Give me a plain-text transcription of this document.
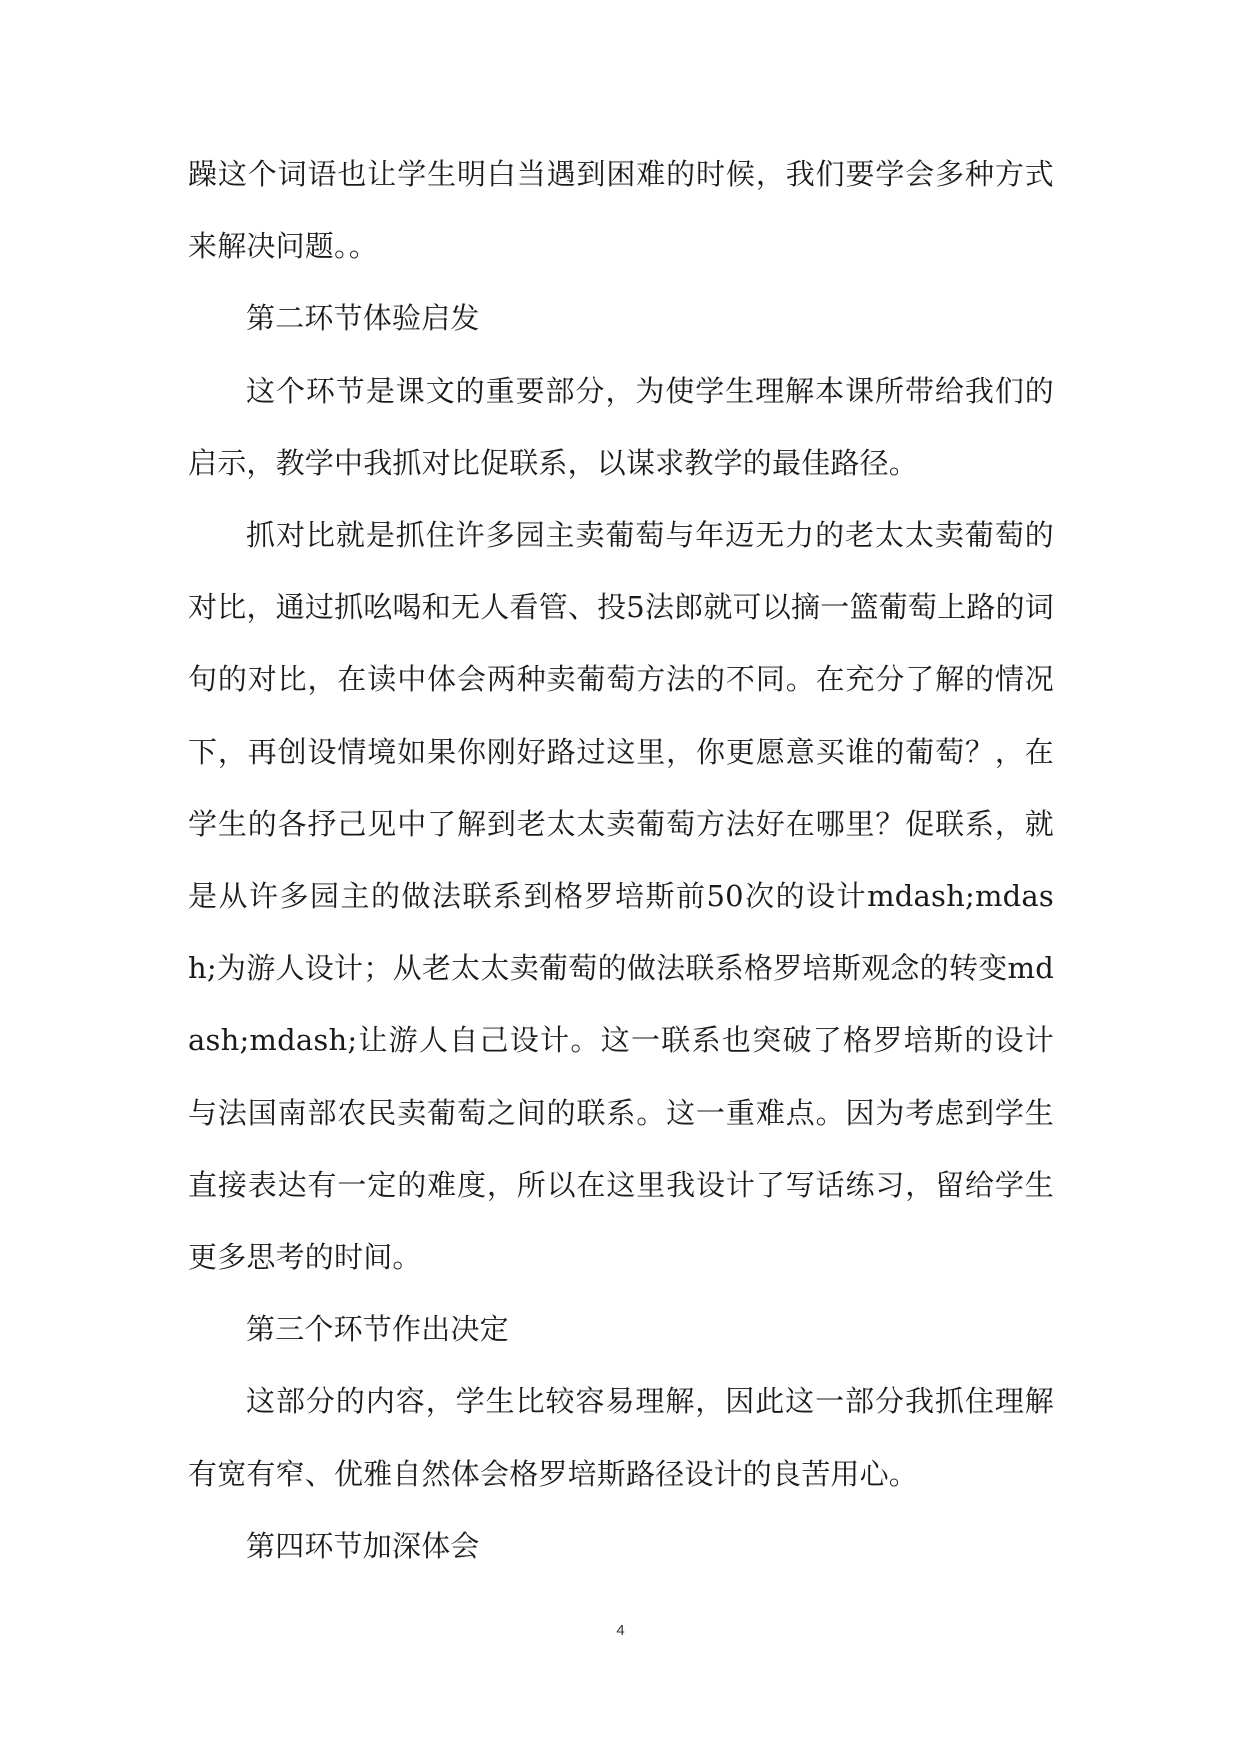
躁这个词语也让学生明白当遇到困难的时候，我们要学会多种方式来解决问题。。

第二环节体验启发

这个环节是课文的重要部分，为使学生理解本课所带给我们的启示，教学中我抓对比促联系，以谋求教学的最佳路径。

抓对比就是抓住许多园主卖葡萄与年迈无力的老太太卖葡萄的对比，通过抓吆喝和无人看管、投5法郎就可以摘一篮葡萄上路的词句的对比，在读中体会两种卖葡萄方法的不同。在充分了解的情况下，再创设情境如果你刚好路过这里，你更愿意买谁的葡萄？，在学生的各抒己见中了解到老太太卖葡萄方法好在哪里？促联系，就是从许多园主的做法联系到格罗培斯前50次的设计mdash;mdash;为游人设计；从老太太卖葡萄的做法联系格罗培斯观念的转变mdash;mdash;让游人自己设计。这一联系也突破了格罗培斯的设计与法国南部农民卖葡萄之间的联系。这一重难点。因为考虑到学生直接表达有一定的难度，所以在这里我设计了写话练习，留给学生更多思考的时间。

第三个环节作出决定

这部分的内容，学生比较容易理解，因此这一部分我抓住理解有宽有窄、优雅自然体会格罗培斯路径设计的良苦用心。

第四环节加深体会

4
